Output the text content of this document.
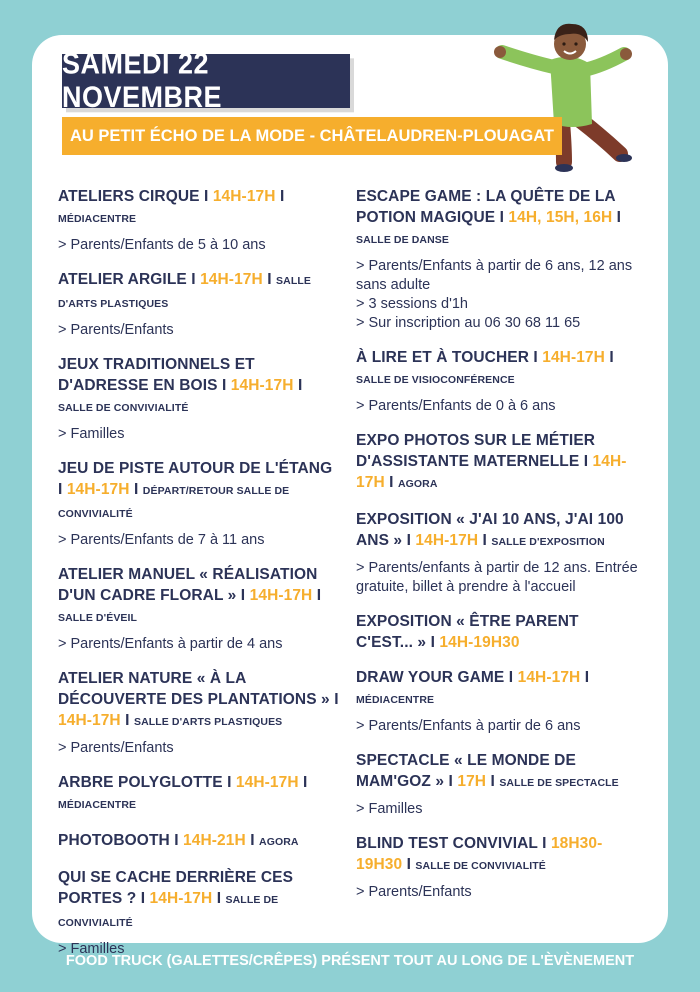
SAMEDI 22 NOVEMBRE
AU PETIT ÉCHO DE LA MODE - CHÂTELAUDREN-PLOUAGAT
ATELIERS CIRQUE I 14H-17H I MÉDIACENTRE
> Parents/Enfants de 5 à 10 ans
ATELIER ARGILE I 14H-17H I SALLE D'ARTS PLASTIQUES
> Parents/Enfants
JEUX TRADITIONNELS ET D'ADRESSE EN BOIS I 14H-17H I SALLE DE CONVIVIALITÉ
> Familles
JEU DE PISTE AUTOUR DE L'ÉTANG I 14H-17H I DÉPART/RETOUR SALLE DE CONVIVIALITÉ
> Parents/Enfants de 7 à 11 ans
ATELIER MANUEL « RÉALISATION D'UN CADRE FLORAL » I 14H-17H I SALLE D'ÉVEIL
> Parents/Enfants à partir de 4 ans
ATELIER NATURE « À LA DÉCOUVERTE DES PLANTATIONS » I 14H-17H I SALLE D'ARTS PLASTIQUES
> Parents/Enfants
ARBRE POLYGLOTTE I 14H-17H I MÉDIACENTRE
PHOTOBOOTH I 14H-21H I AGORA
QUI SE CACHE DERRIÈRE CES PORTES ? I 14H-17H I SALLE DE CONVIVIALITÉ
> Familles
ESCAPE GAME : LA QUÊTE DE LA POTION MAGIQUE I 14H, 15H, 16H I SALLE DE DANSE
> Parents/Enfants à partir de 6 ans, 12 ans sans adulte
> 3 sessions d'1h
> Sur inscription au 06 30 68 11 65
À LIRE ET À TOUCHER I 14H-17H I SALLE DE VISIOCONFÉRENCE
> Parents/Enfants de 0 à 6 ans
EXPO PHOTOS SUR LE MÉTIER D'ASSISTANTE MATERNELLE I 14H-17H I AGORA
EXPOSITION « J'AI 10 ANS, J'AI 100 ANS » I 14H-17H I SALLE D'EXPOSITION
> Parents/enfants à partir de 12 ans. Entrée gratuite, billet à prendre à l'accueil
EXPOSITION « ÊTRE PARENT C'EST... » I 14H-19H30
DRAW YOUR GAME I 14H-17H I MÉDIACENTRE
> Parents/Enfants à partir de 6 ans
SPECTACLE « LE MONDE DE MAM'GOZ » I 17H I SALLE DE SPECTACLE
> Familles
BLIND TEST CONVIVIAL I 18H30-19H30 I SALLE DE CONVIVIALITÉ
> Parents/Enfants
FOOD TRUCK (GALETTES/CRÊPES) PRÉSENT TOUT AU LONG DE L'ÈVÈNEMENT
